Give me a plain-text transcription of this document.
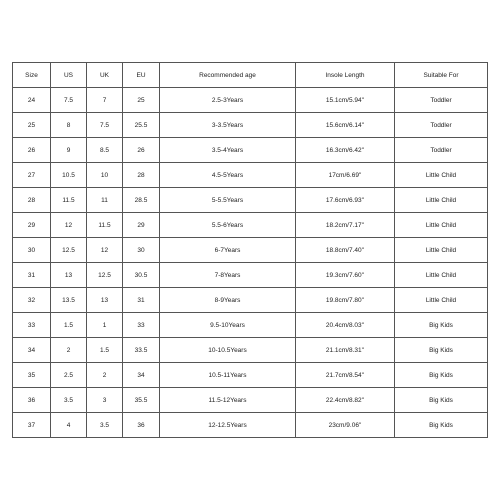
Size	US	UK	EU	Recommended age	Insole Length	Suitable For
24	7.5	7	25	2.5-3Years	15.1cm/5.94''	Toddler
25	8	7.5	25.5	3-3.5Years	15.6cm/6.14''	Toddler
26	9	8.5	26	3.5-4Years	16.3cm/6.42''	Toddler
27	10.5	10	28	4.5-5Years	17cm/6.69''	Little Child
28	11.5	11	28.5	5-5.5Years	17.6cm/6.93''	Little Child
29	12	11.5	29	5.5-6Years	18.2cm/7.17''	Little Child
30	12.5	12	30	6-7Years	18.8cm/7.40''	Little Child
31	13	12.5	30.5	7-8Years	19.3cm/7.60''	Little Child
32	13.5	13	31	8-9Years	19.8cm/7.80''	Little Child
33	1.5	1	33	9.5-10Years	20.4cm/8.03''	Big Kids
34	2	1.5	33.5	10-10.5Years	21.1cm/8.31''	Big Kids
35	2.5	2	34	10.5-11Years	21.7cm/8.54''	Big Kids
36	3.5	3	35.5	11.5-12Years	22.4cm/8.82''	Big Kids
37	4	3.5	36	12-12.5Years	23cm/9.06''	Big Kids
